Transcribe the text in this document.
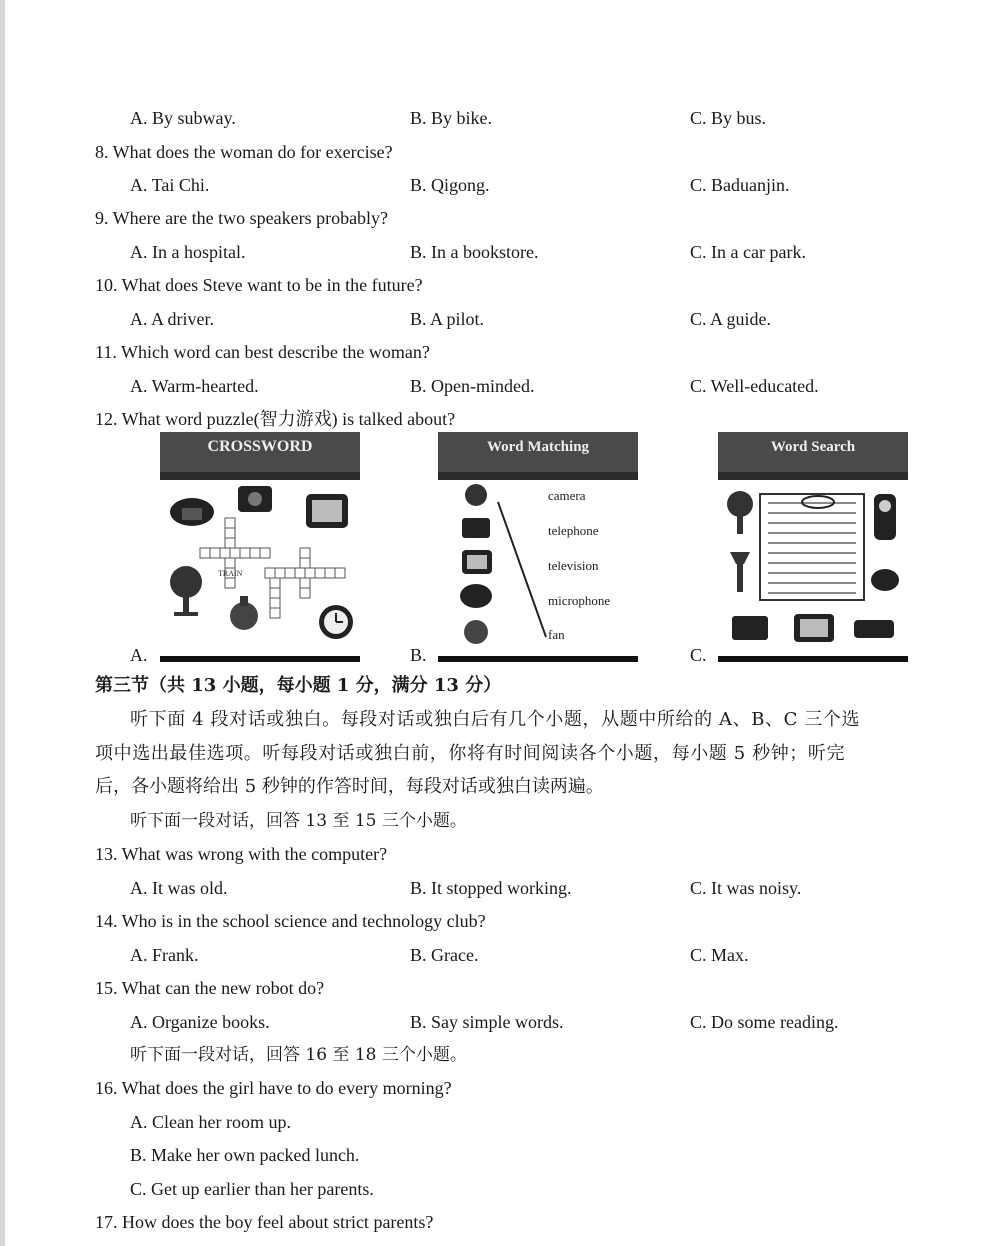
A. By subway.	B. By bike.	C. By bus.
8. What does the woman do for exercise?
A. Tai Chi.	B. Qigong.	C. Baduanjin.
9. Where are the two speakers probably?
A. In a hospital.	B. In a bookstore.	C. In a car park.
10. What does Steve want to be in the future?
A. A driver.	B. A pilot.	C. A guide.
11. Which word can best describe the woman?
A. Warm-hearted.	B. Open-minded.	C. Well-educated.
12. What word puzzle(智力游戏) is talked about?
CROSSWORD
TRAIN
A.
Word Matching
camera
telephone
television
microphone
fan
B.
Word Search
C.
第三节（共 13 小题，每小题 1 分，满分 13 分）
听下面 4 段对话或独白。每段对话或独白后有几个小题，从题中所给的 A、B、C 三个选
项中选出最佳选项。听每段对话或独白前，你将有时间阅读各个小题，每小题 5 秒钟；听完
后，各小题将给出 5 秒钟的作答时间，每段对话或独白读两遍。
听下面一段对话，回答 13 至 15 三个小题。
13. What was wrong with the computer?
A. It was old.	B. It stopped working.	C. It was noisy.
14. Who is in the school science and technology club?
A. Frank.	B. Grace.	C. Max.
15. What can the new robot do?
A. Organize books.	B. Say simple words.	C. Do some reading.
听下面一段对话，回答 16 至 18 三个小题。
16. What does the girl have to do every morning?
A. Clean her room up.
B. Make her own packed lunch.
C. Get up earlier than her parents.
17. How does the boy feel about strict parents?
